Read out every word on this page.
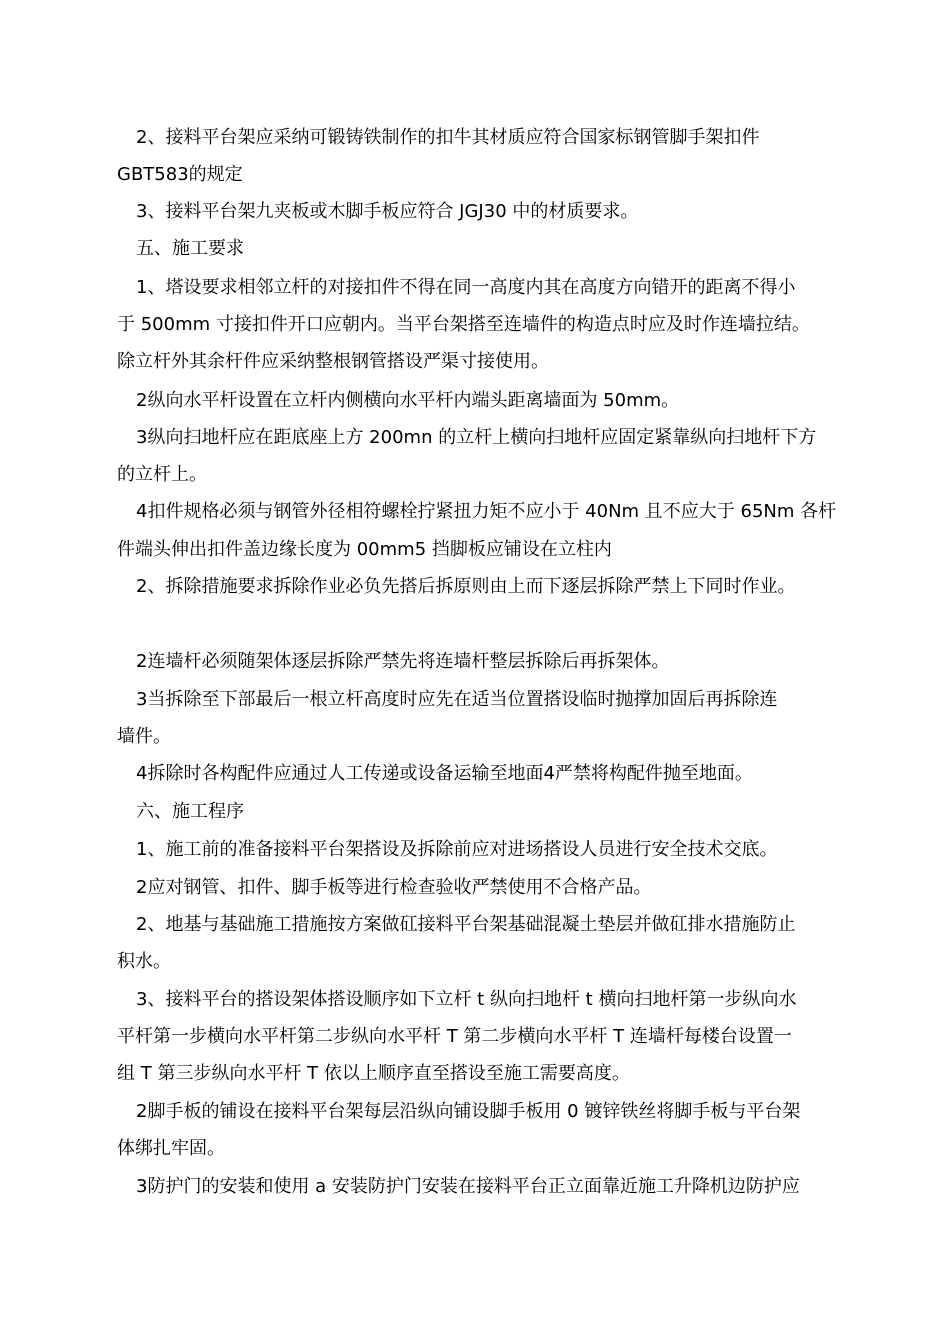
2、接料平台架应采纳可锻铸铁制作的扣牛其材质应符合国家标钢管脚手架扣件
GBT583的规定
3、接料平台架九夹板或木脚手板应符合 JGJ30 中的材质要求。
五、施工要求
1、塔设要求相邻立杆的对接扣件不得在同一高度内其在高度方向错开的距离不得小
于 500mm 寸接扣件开口应朝内。当平台架搭至连墙件的构造点时应及时作连墙拉结。
除立杆外其余杆件应采纳整根钢管搭设严渠寸接使用。
2纵向水平杆设置在立杆内侧横向水平杆内端头距离墙面为 50mm。
3纵向扫地杆应在距底座上方 200mn 的立杆上横向扫地杆应固定紧靠纵向扫地杆下方
的立杆上。
4扣件规格必须与钢管外径相符螺栓拧紧扭力矩不应小于 40Nm 且不应大于 65Nm 各杆
件端头伸出扣件盖边缘长度为 00mm5 挡脚板应铺设在立柱内
2、拆除措施要求拆除作业必负先搭后拆原则由上而下逐层拆除严禁上下同时作业。
2连墙杆必须随架体逐层拆除严禁先将连墙杆整层拆除后再拆架体。
3当拆除至下部最后一根立杆高度时应先在适当位置搭设临时抛撑加固后再拆除连
墙件。
4拆除时各构配件应通过人工传递或设备运输至地面4严禁将构配件抛至地面。
六、施工程序
1、施工前的准备接料平台架搭设及拆除前应对进场搭设人员进行安全技术交底。
2应对钢管、扣件、脚手板等进行检查验收严禁使用不合格产品。
2、地基与基础施工措施按方案做矼接料平台架基础混凝土垫层并做矼排水措施防止
积水。
3、接料平台的搭设架体搭设顺序如下立杆 t 纵向扫地杆 t 横向扫地杆第一步纵向水
平杆第一步横向水平杆第二步纵向水平杆 T 第二步横向水平杆 T 连墙杆每楼台设置一
组 T 第三步纵向水平杆 T 依以上顺序直至搭设至施工需要高度。
2脚手板的铺设在接料平台架每层沿纵向铺设脚手板用 0 镀锌铁丝将脚手板与平台架
体绑扎牢固。
3防护门的安装和使用 a 安装防护门安装在接料平台正立面靠近施工升降机边防护应
